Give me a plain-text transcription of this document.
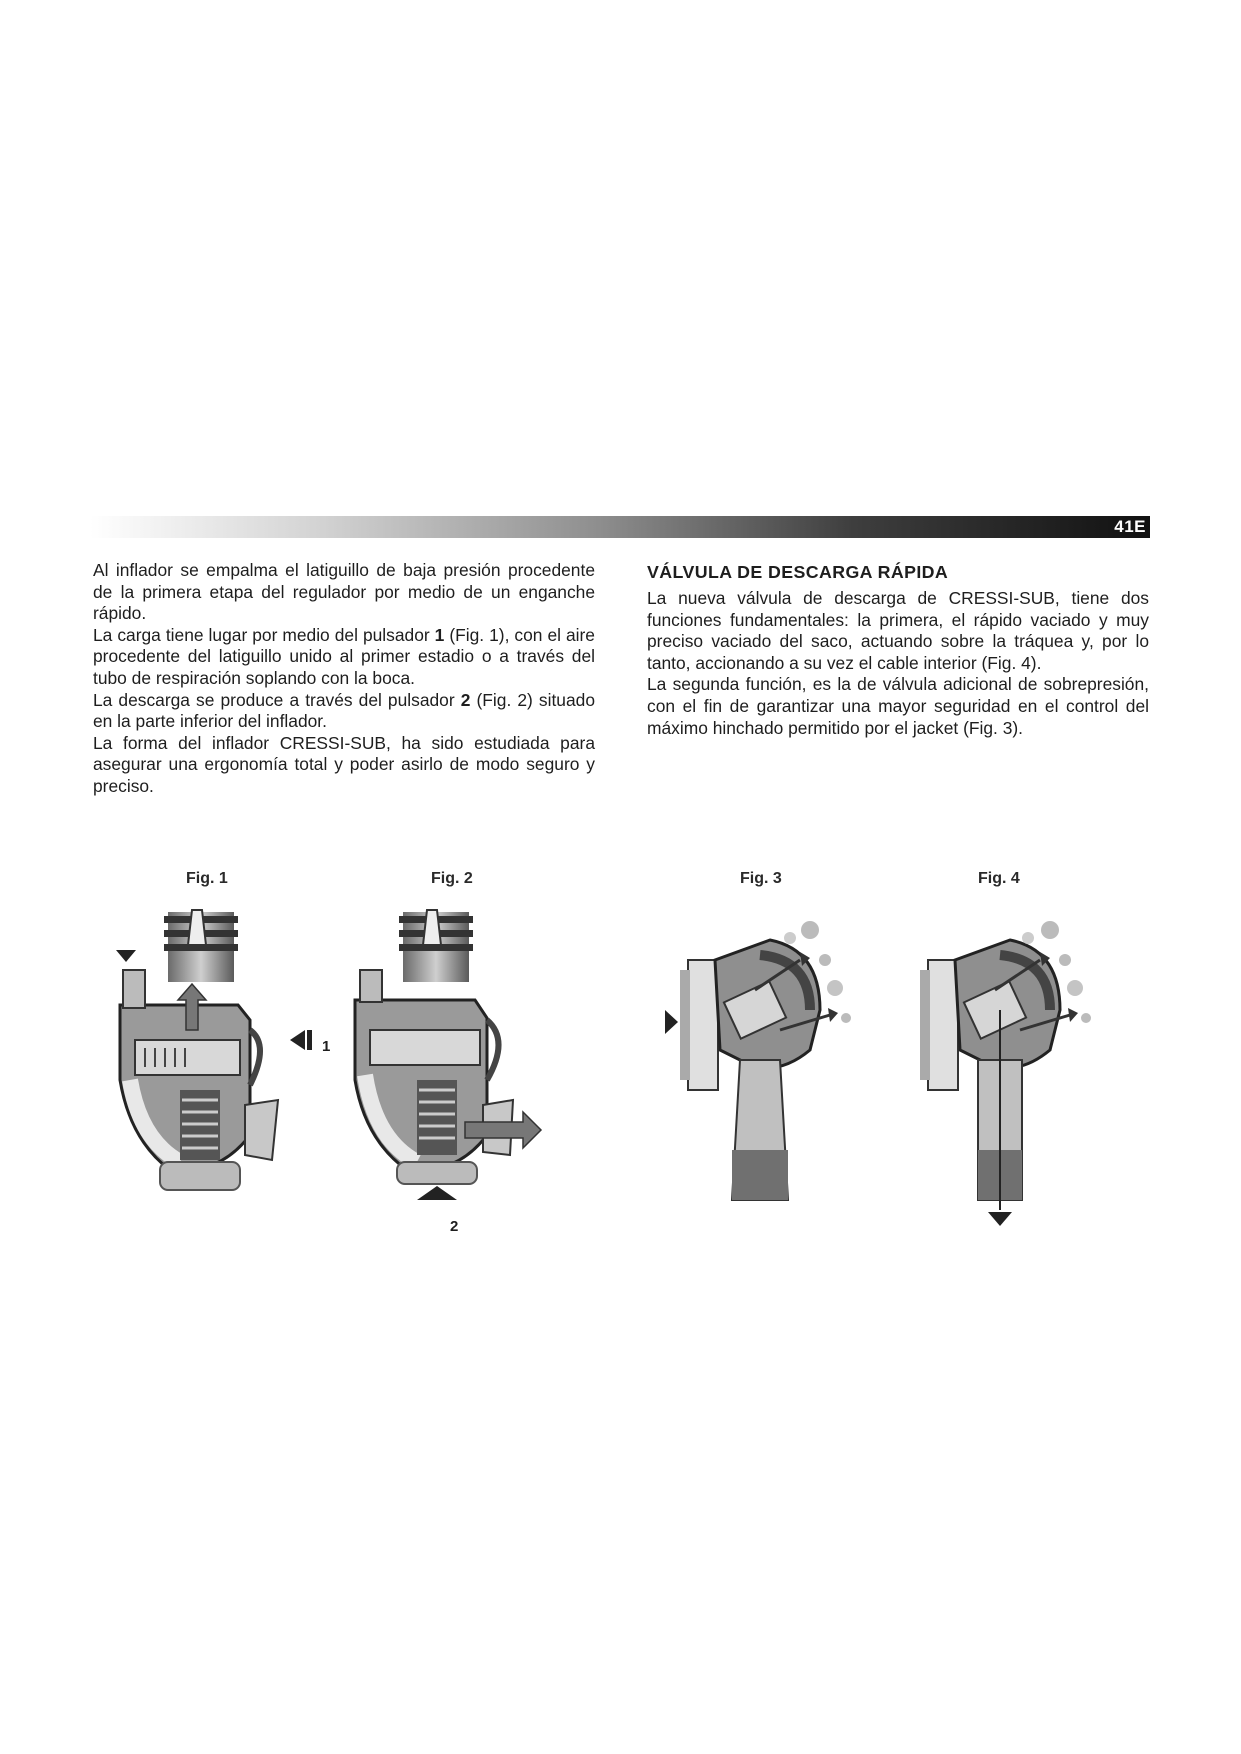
41E

Al inflador se empalma el latiguillo de baja presión procedente de la primera etapa del regulador por medio de un enganche rápido.

La carga tiene lugar por medio del pulsador 1 (Fig. 1), con el aire procedente del latiguillo unido al primer estadio o a través del tubo de respiración soplando con la boca.

La descarga se produce a través del pulsador 2 (Fig. 2) situado en la parte inferior del inflador.

La forma del inflador CRESSI-SUB, ha sido estudiada para asegurar una ergonomía total y poder asirlo de modo seguro y preciso.

VÁLVULA DE DESCARGA RÁPIDA

La nueva válvula de descarga de CRESSI-SUB, tiene dos funciones fundamentales: la primera, el rápido vaciado y muy preciso vaciado del saco, actuando sobre la tráquea y, por lo tanto, accionando a su vez el cable interior (Fig. 4).

La segunda función, es la de válvula adicional de sobrepresión, con el fin de garantizar una mayor seguridad en el control del máximo hinchado permitido por el jacket (Fig. 3).

Fig. 1
1
Fig. 2
2
Fig. 3	Fig. 4
